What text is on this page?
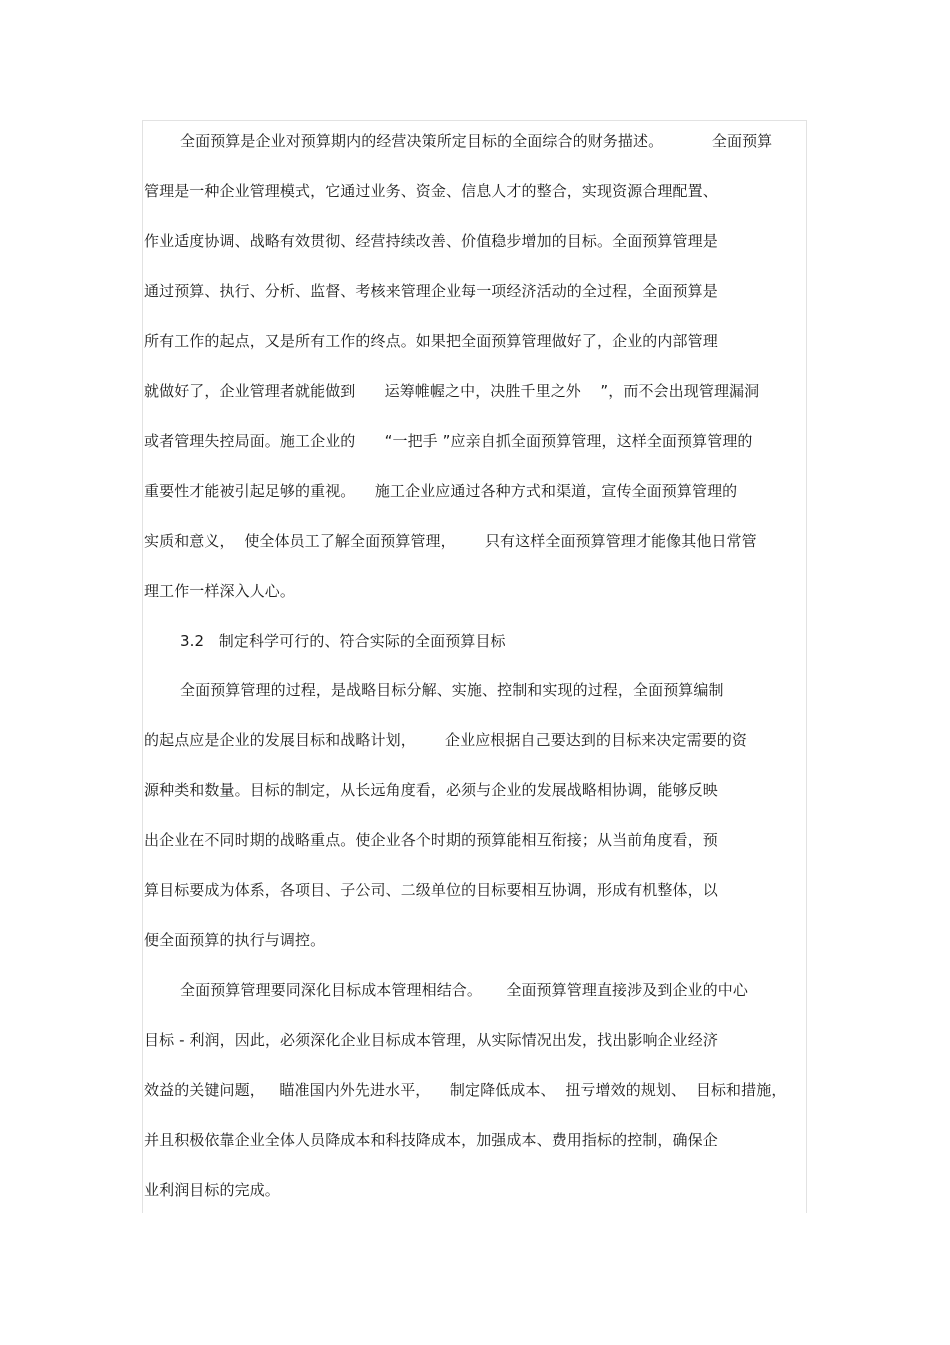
全面预算是企业对预算期内的经营决策所定目标的全面综合的财务描述。          全面预算
管理是一种企业管理模式，它通过业务、资金、信息人才的整合，实现资源合理配置、
作业适度协调、战略有效贯彻、经营持续改善、价值稳步增加的目标。全面预算管理是
通过预算、执行、分析、监督、考核来管理企业每一项经济活动的全过程，全面预算是
所有工作的起点，又是所有工作的终点。如果把全面预算管理做好了，企业的内部管理
就做好了，企业管理者就能做到      运筹帷幄之中，决胜千里之外    ”，而不会出现管理漏洞
或者管理失控局面。施工企业的      “一把手 ”应亲自抓全面预算管理，这样全面预算管理的
重要性才能被引起足够的重视。    施工企业应通过各种方式和渠道，宣传全面预算管理的
实质和意义，  使全体员工了解全面预算管理，      只有这样全面预算管理才能像其他日常管
理工作一样深入人心。
3.2   制定科学可行的、符合实际的全面预算目标
全面预算管理的过程，是战略目标分解、实施、控制和实现的过程，全面预算编制
的起点应是企业的发展目标和战略计划，      企业应根据自己要达到的目标来决定需要的资
源种类和数量。目标的制定，从长远角度看，必须与企业的发展战略相协调，能够反映
出企业在不同时期的战略重点。使企业各个时期的预算能相互衔接；从当前角度看，预
算目标要成为体系，各项目、子公司、二级单位的目标要相互协调，形成有机整体，以
便全面预算的执行与调控。
全面预算管理要同深化目标成本管理相结合。     全面预算管理直接涉及到企业的中心
目标 - 利润，因此，必须深化企业目标成本管理，从实际情况出发，找出影响企业经济
效益的关键问题，   瞄准国内外先进水平，    制定降低成本、  扭亏增效的规划、  目标和措施，
并且积极依靠企业全体人员降成本和科技降成本，加强成本、费用指标的控制，确保企
业利润目标的完成。
